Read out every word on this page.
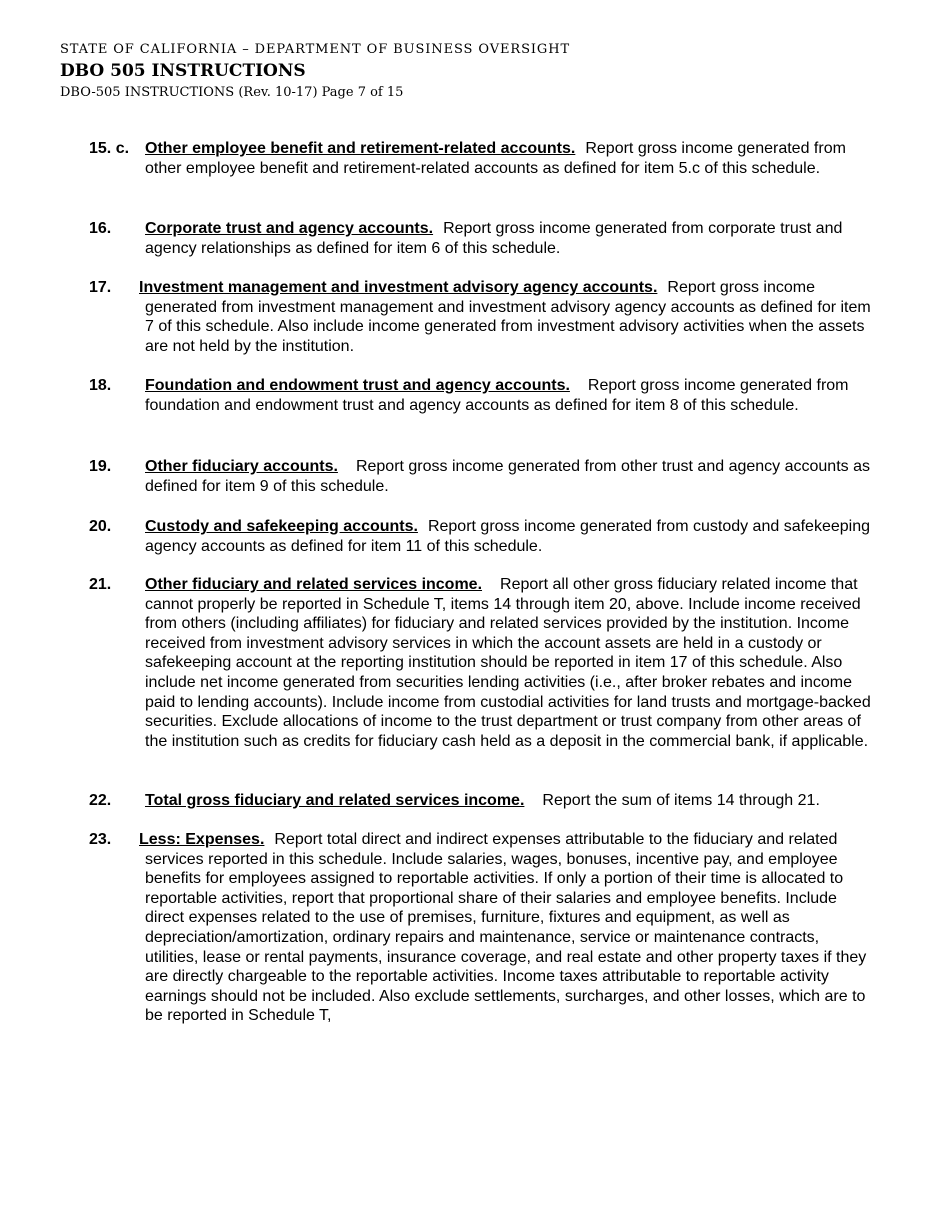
STATE OF CALIFORNIA – DEPARTMENT OF BUSINESS OVERSIGHT
DBO 505 INSTRUCTIONS
DBO-505 INSTRUCTIONS (Rev. 10-17) Page 7 of 15
15. c. Other employee benefit and retirement-related accounts. Report gross income generated from other employee benefit and retirement-related accounts as defined for item 5.c of this schedule.
16. Corporate trust and agency accounts. Report gross income generated from corporate trust and agency relationships as defined for item 6 of this schedule.
17. Investment management and investment advisory agency accounts. Report gross income generated from investment management and investment advisory agency accounts as defined for item 7 of this schedule. Also include income generated from investment advisory activities when the assets are not held by the institution.
18. Foundation and endowment trust and agency accounts. Report gross income generated from foundation and endowment trust and agency accounts as defined for item 8 of this schedule.
19. Other fiduciary accounts. Report gross income generated from other trust and agency accounts as defined for item 9 of this schedule.
20. Custody and safekeeping accounts. Report gross income generated from custody and safekeeping agency accounts as defined for item 11 of this schedule.
21. Other fiduciary and related services income. Report all other gross fiduciary related income that cannot properly be reported in Schedule T, items 14 through item 20, above. Include income received from others (including affiliates) for fiduciary and related services provided by the institution. Income received from investment advisory services in which the account assets are held in a custody or safekeeping account at the reporting institution should be reported in item 17 of this schedule. Also include net income generated from securities lending activities (i.e., after broker rebates and income paid to lending accounts). Include income from custodial activities for land trusts and mortgage-backed securities. Exclude allocations of income to the trust department or trust company from other areas of the institution such as credits for fiduciary cash held as a deposit in the commercial bank, if applicable.
22. Total gross fiduciary and related services income. Report the sum of items 14 through 21.
23. Less: Expenses. Report total direct and indirect expenses attributable to the fiduciary and related services reported in this schedule. Include salaries, wages, bonuses, incentive pay, and employee benefits for employees assigned to reportable activities. If only a portion of their time is allocated to reportable activities, report that proportional share of their salaries and employee benefits. Include direct expenses related to the use of premises, furniture, fixtures and equipment, as well as depreciation/amortization, ordinary repairs and maintenance, service or maintenance contracts, utilities, lease or rental payments, insurance coverage, and real estate and other property taxes if they are directly chargeable to the reportable activities. Income taxes attributable to reportable activity earnings should not be included. Also exclude settlements, surcharges, and other losses, which are to be reported in Schedule T,
